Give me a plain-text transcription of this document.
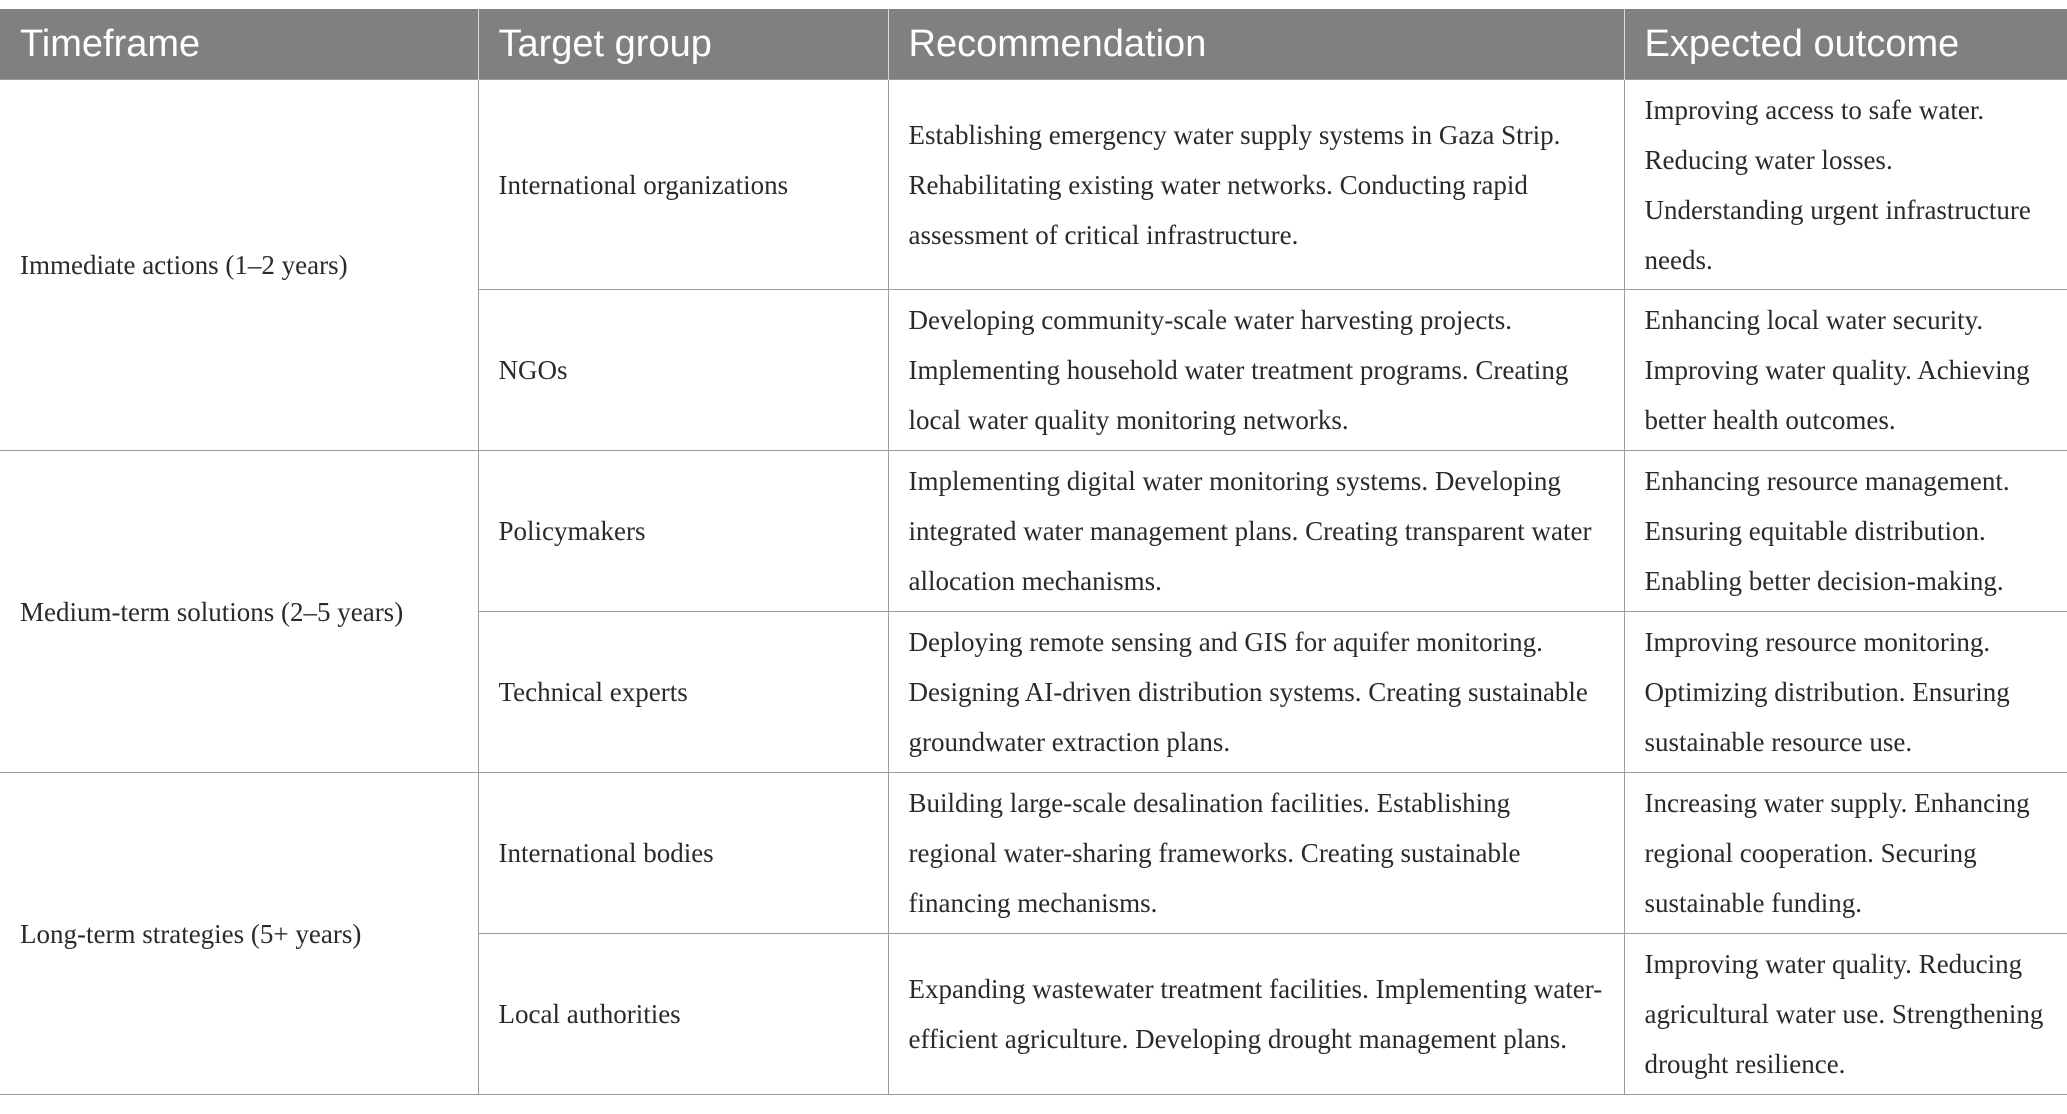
Timeframe	Target group	Recommendation	Expected outcome
Immediate actions (1–2 years)	International organizations	Establishing emergency water supply systems in Gaza Strip. Rehabilitating existing water networks. Conducting rapid assessment of critical infrastructure.	Improving access to safe water. Reducing water losses. Understanding urgent infrastructure needs.
	NGOs	Developing community-scale water harvesting projects. Implementing household water treatment programs. Creating local water quality monitoring networks.	Enhancing local water security. Improving water quality. Achieving better health outcomes.
Medium-term solutions (2–5 years)	Policymakers	Implementing digital water monitoring systems. Developing integrated water management plans. Creating transparent water allocation mechanisms.	Enhancing resource management. Ensuring equitable distribution. Enabling better decision-making.
	Technical experts	Deploying remote sensing and GIS for aquifer monitoring. Designing AI-driven distribution systems. Creating sustainable groundwater extraction plans.	Improving resource monitoring. Optimizing distribution. Ensuring sustainable resource use.
Long-term strategies (5+ years)	International bodies	Building large-scale desalination facilities. Establishing regional water-sharing frameworks. Creating sustainable financing mechanisms.	Increasing water supply. Enhancing regional cooperation. Securing sustainable funding.
	Local authorities	Expanding wastewater treatment facilities. Implementing water-efficient agriculture. Developing drought management plans.	Improving water quality. Reducing agricultural water use. Strengthening drought resilience.
